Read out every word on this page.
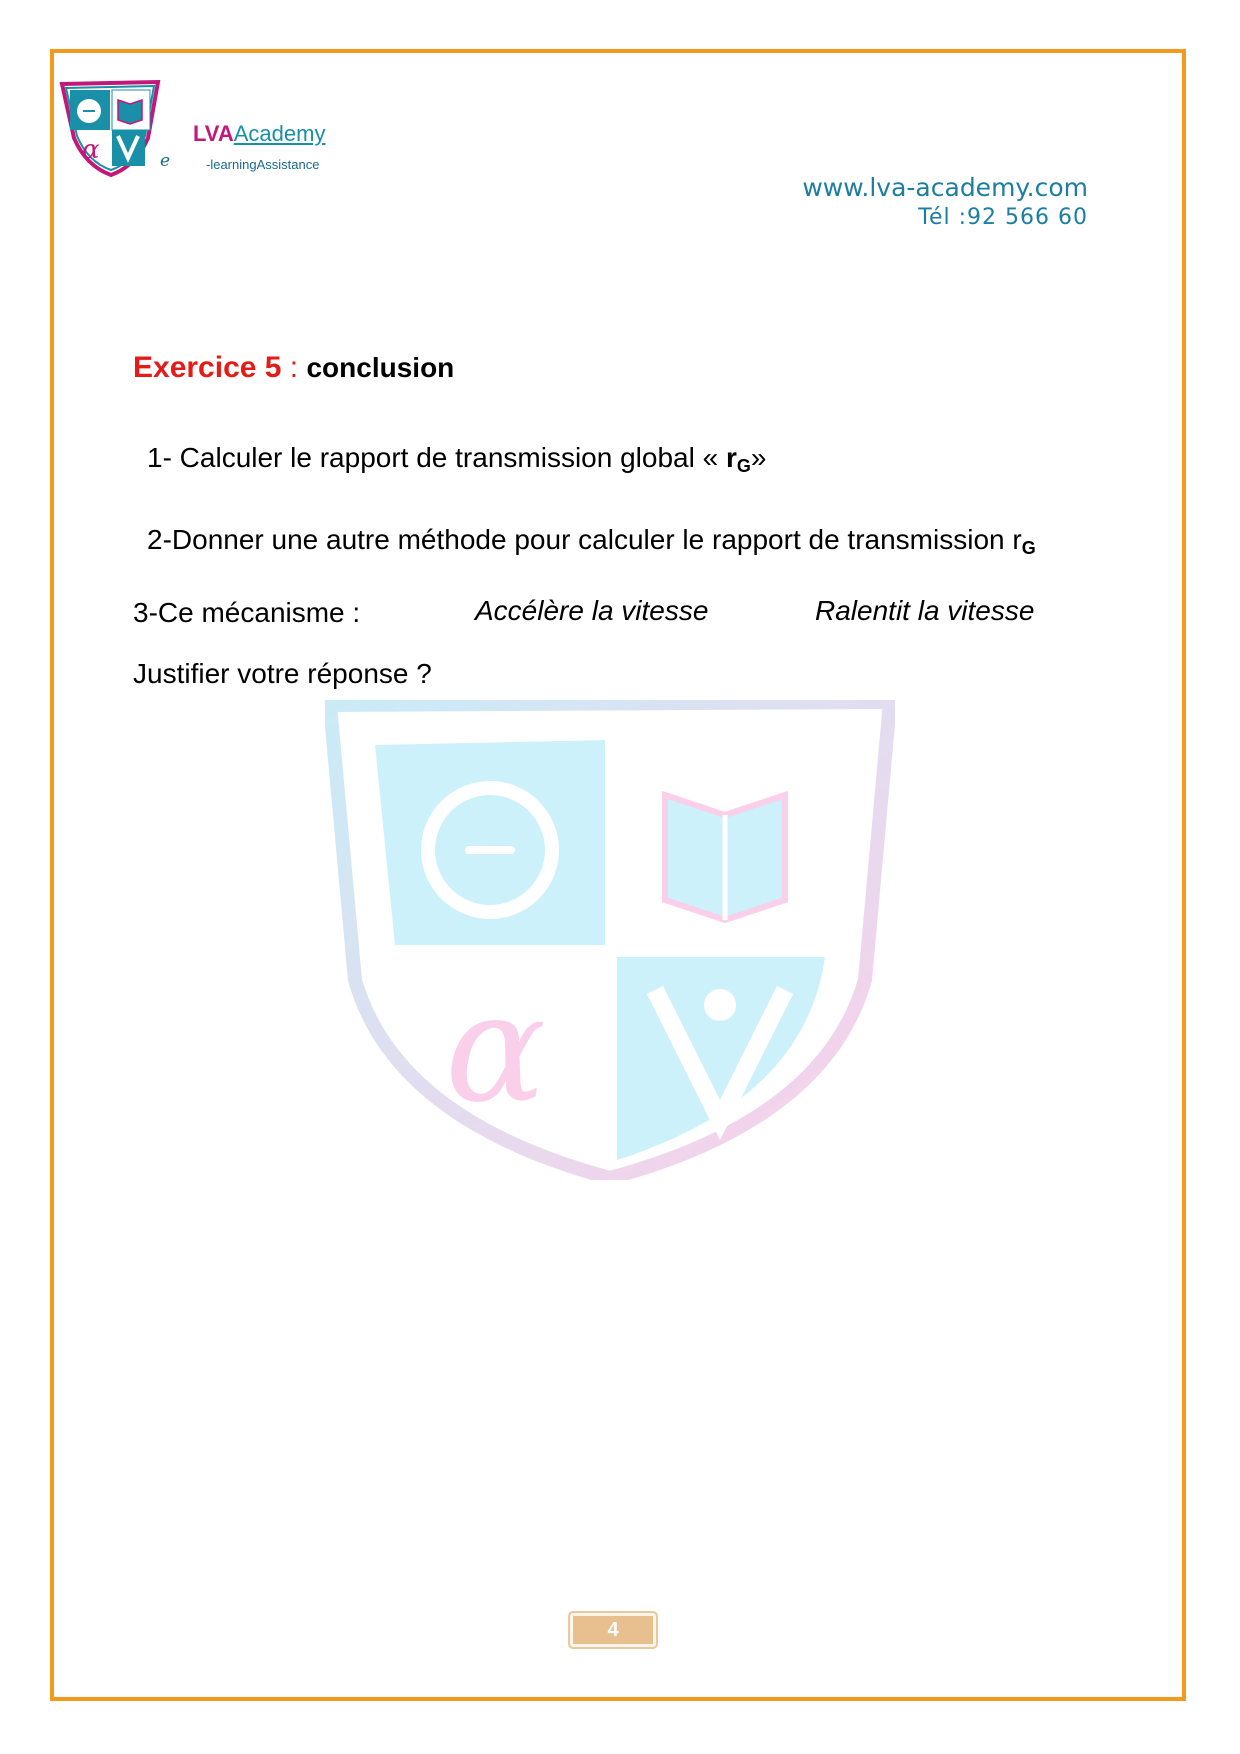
α
LVAAcademy
e	-learningAssistance
www.lva-academy.com
Tél :92 566 60
α
Exercice 5 : conclusion
1- Calculer le rapport de transmission global « rG»
2-Donner une autre méthode pour calculer le rapport de transmission rG
3-Ce mécanisme :	Accélère la vitesse	Ralentit la vitesse
Justifier votre réponse ?
4
